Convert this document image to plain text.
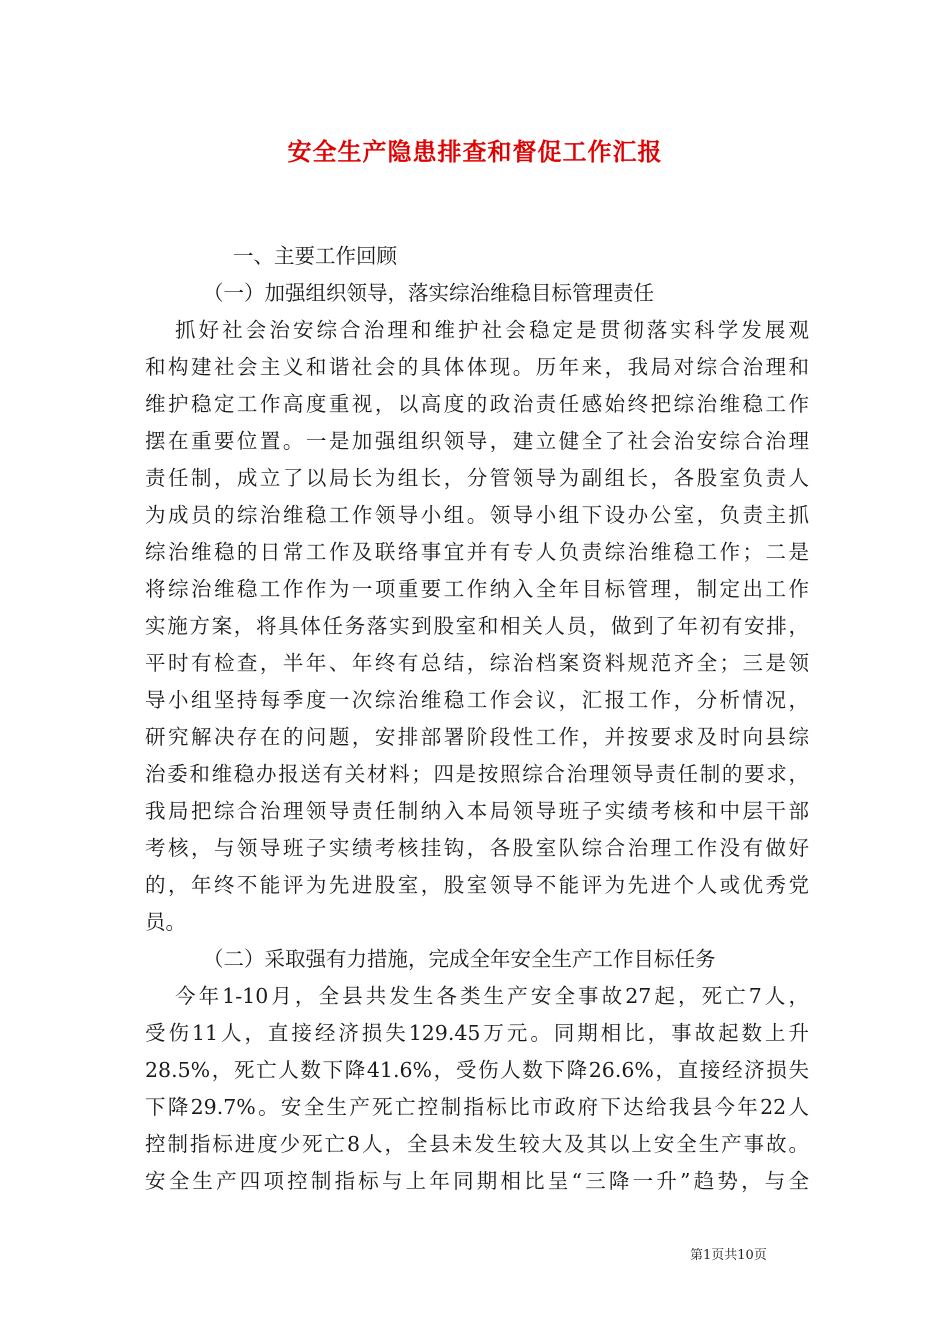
安全生产隐患排查和督促工作汇报
一、主要工作回顾
（一）加强组织领导，落实综治维稳目标管理责任
抓好社会治安综合治理和维护社会稳定是贯彻落实科学发展观
和构建社会主义和谐社会的具体体现。历年来，我局对综合治理和
维护稳定工作高度重视，以高度的政治责任感始终把综治维稳工作
摆在重要位置。一是加强组织领导，建立健全了社会治安综合治理
责任制，成立了以局长为组长，分管领导为副组长，各股室负责人
为成员的综治维稳工作领导小组。领导小组下设办公室，负责主抓
综治维稳的日常工作及联络事宜并有专人负责综治维稳工作；二是
将综治维稳工作作为一项重要工作纳入全年目标管理，制定出工作
实施方案，将具体任务落实到股室和相关人员，做到了年初有安排，
平时有检查，半年、年终有总结，综治档案资料规范齐全；三是领
导小组坚持每季度一次综治维稳工作会议，汇报工作，分析情况，
研究解决存在的问题，安排部署阶段性工作，并按要求及时向县综
治委和维稳办报送有关材料；四是按照综合治理领导责任制的要求，
我局把综合治理领导责任制纳入本局领导班子实绩考核和中层干部
考核，与领导班子实绩考核挂钩，各股室队综合治理工作没有做好
的，年终不能评为先进股室，股室领导不能评为先进个人或优秀党
员。
（二）采取强有力措施，完成全年安全生产工作目标任务
今年1-10月，全县共发生各类生产安全事故27起，死亡7人，
受伤11人，直接经济损失129.45万元。同期相比，事故起数上升
28.5%，死亡人数下降41.6%，受伤人数下降26.6%，直接经济损失
下降29.7%。安全生产死亡控制指标比市政府下达给我县今年22人
控制指标进度少死亡8人，全县未发生较大及其以上安全生产事故。
安全生产四项控制指标与上年同期相比呈“三降一升”趋势，与全
第1页共10页
